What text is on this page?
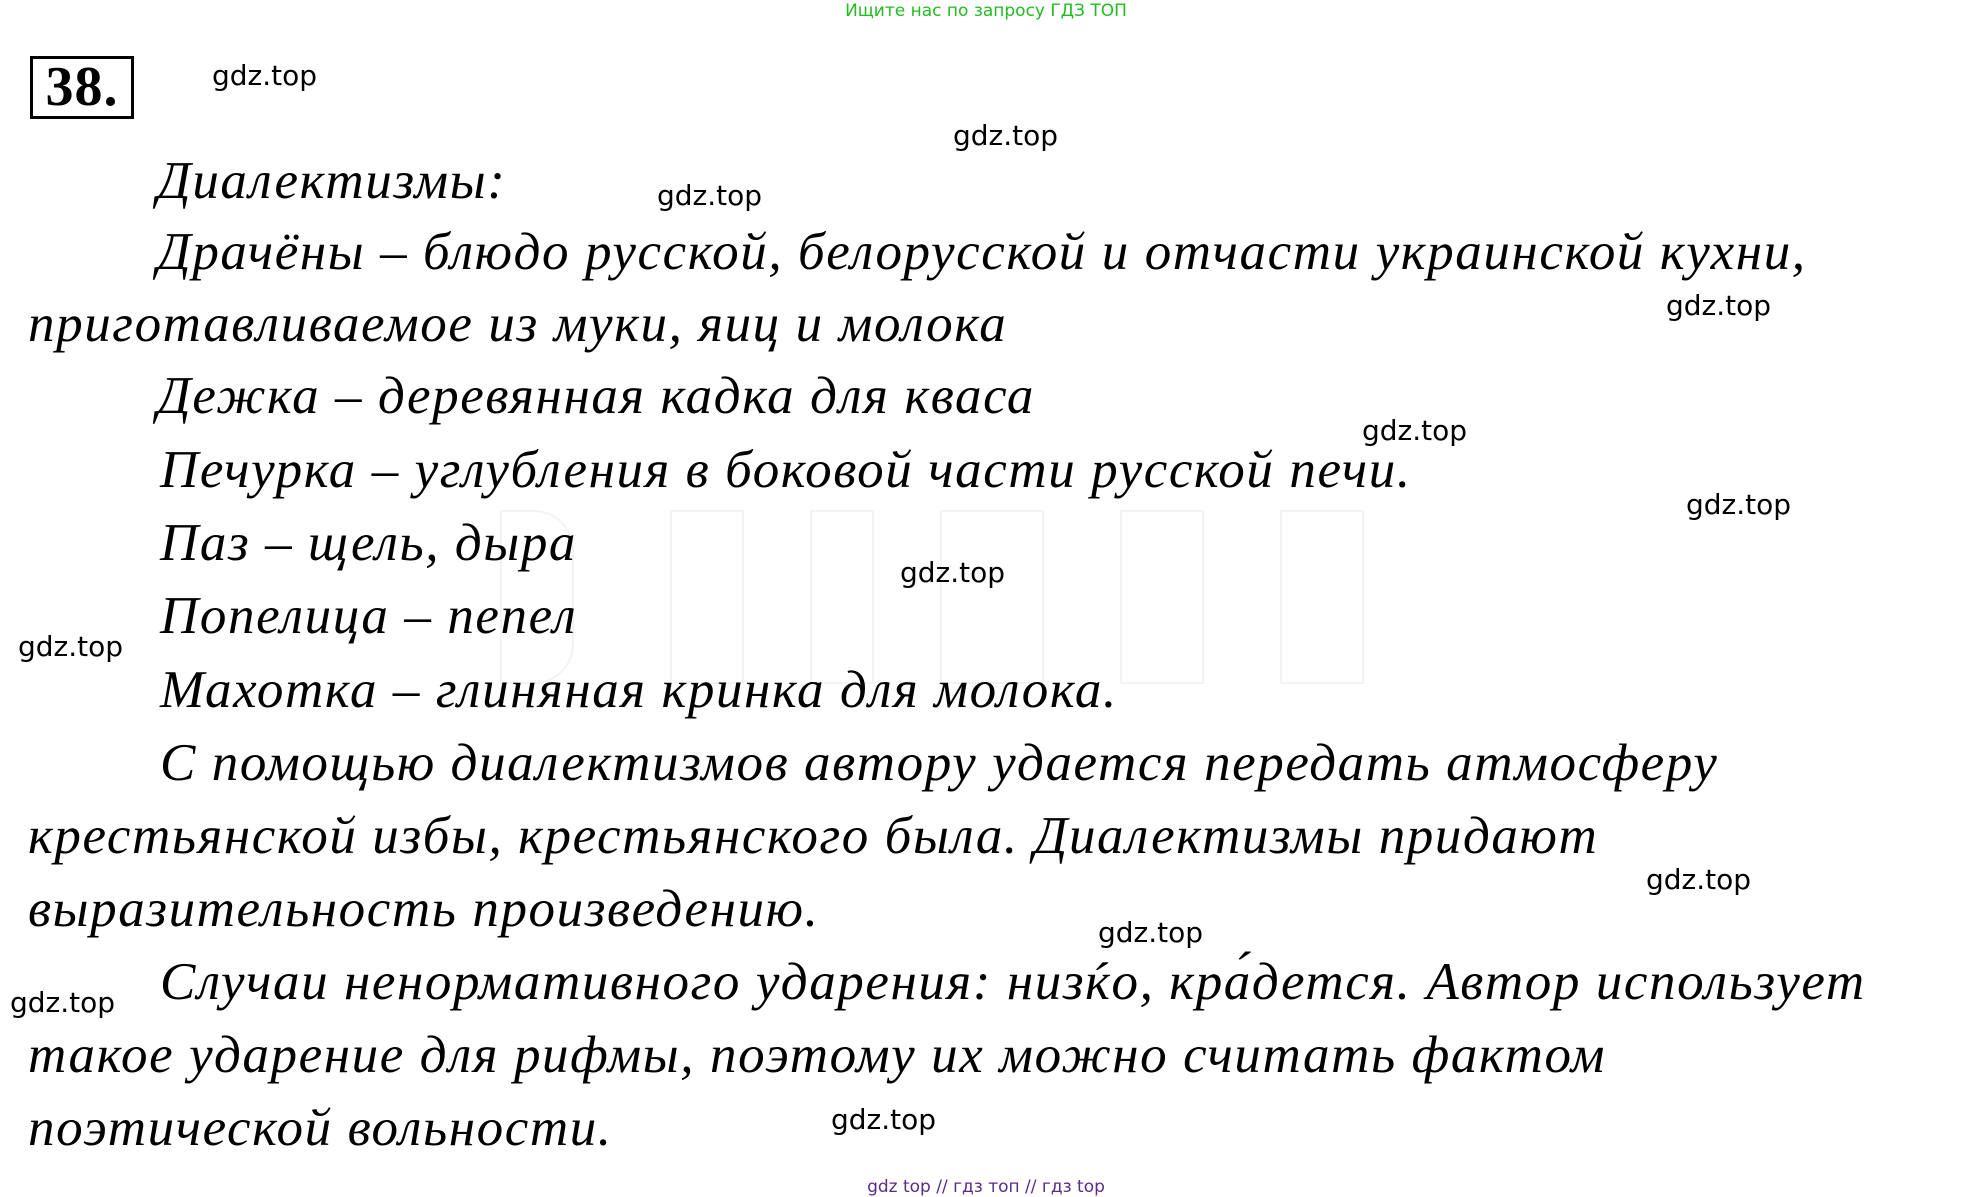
Ищите нас по запросу ГДЗ ТОП
38.
Диалектизмы:
Драчёны – блюдо русской, белорусской и отчасти украинской кухни,
приготавливаемое из муки, яиц и молока
Дежка – деревянная кадка для кваса
Печурка – углубления в боковой части русской печи.
Паз – щель, дыра
Попелица – пепел
Махотка – глиняная кринка для молока.
С помощью диалектизмов автору удается передать атмосферу
крестьянской избы, крестьянского была. Диалектизмы придают
выразительность произведению.
Случаи ненормативного ударения: низќо, кра́дется. Автор использует
такое ударение для рифмы, поэтому их можно считать фактом
поэтической вольности.
gdz.top
gdz.top
gdz.top
gdz.top
gdz.top
gdz.top
gdz.top
gdz.top
gdz.top
gdz.top
gdz.top
gdz.top
gdz top // гдз топ // гдз top
